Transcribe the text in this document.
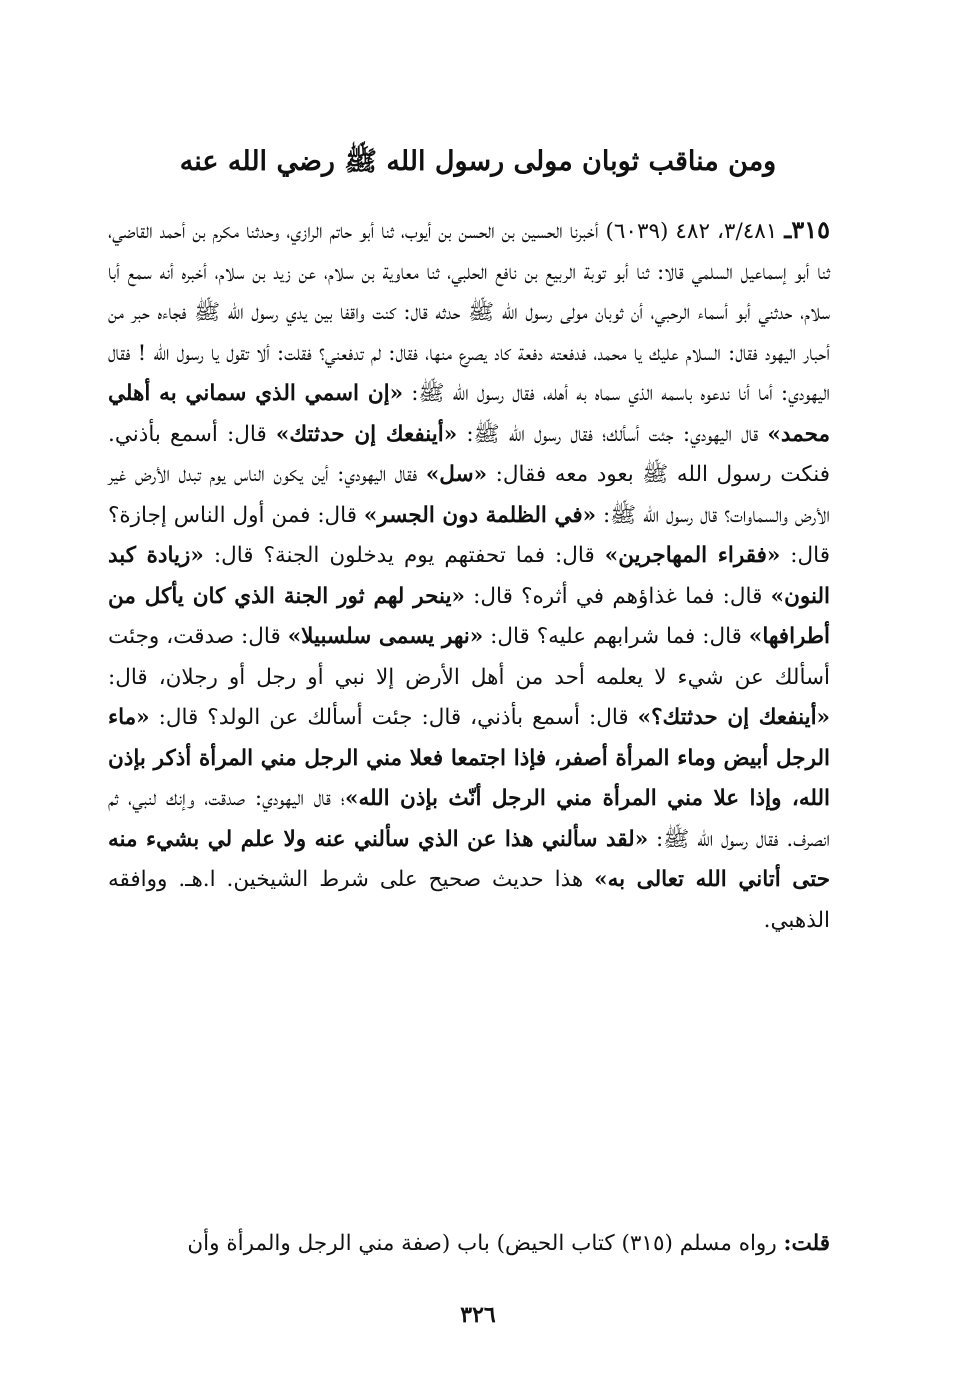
ومن مناقب ثوبان مولى رسول الله ﷺ رضي الله عنه

٣١٥ـ ٣/٤٨١، ٤٨٢ (٦٠٣٩) أخبرنا الحسين بن الحسن بن أيوب، ثنا أبو حاتم الرازي، وحدثنا مكرم بن أحمد القاضي، ثنا أبو إسماعيل السلمي قالا: ثنا أبو توبة الربيع بن نافع الحلبي، ثنا معاوية بن سلام، عن زيد بن سلام، أخبره أنه سمع أبا سلام، حدثني أبو أسماء الرحبي، أن ثوبان مولى رسول الله ﷺ حدثه قال: كنت واقفا بين يدي رسول الله ﷺ فجاءه حبر من أحبار اليهود فقال: السلام عليك يا محمد، فدفعته دفعة كاد يصرع منها، فقال: لم تدفعني؟ فقلت: ألا تقول يا رسول الله ! فقال اليهودي: أما أنا ندعوه باسمه الذي سماه به أهله، فقال رسول الله ﷺ: «إن اسمي الذي سماني به أهلي محمد» قال اليهودي: جئت أسألك؛ فقال رسول الله ﷺ: «أينفعك إن حدثتك» قال: أسمع بأذني. فنكت رسول الله ﷺ بعود معه فقال: «سل» فقال اليهودي: أين يكون الناس يوم تبدل الأرض غير الأرض والسماوات؟ قال رسول الله ﷺ: «في الظلمة دون الجسر» قال: فمن أول الناس إجازة؟ قال: «فقراء المهاجرين» قال: فما تحفتهم يوم يدخلون الجنة؟ قال: «زيادة كبد النون» قال: فما غذاؤهم في أثره؟ قال: «ينحر لهم ثور الجنة الذي كان يأكل من أطرافها» قال: فما شرابهم عليه؟ قال: «نهر يسمى سلسبيلا» قال: صدقت، وجئت أسألك عن شيء لا يعلمه أحد من أهل الأرض إلا نبي أو رجل أو رجلان، قال: «أينفعك إن حدثتك؟» قال: أسمع بأذني، قال: جئت أسألك عن الولد؟ قال: «ماء الرجل أبيض وماء المرأة أصفر، فإذا اجتمعا فعلا مني الرجل مني المرأة أذكر بإذن الله، وإذا علا مني المرأة مني الرجل أنّث بإذن الله»؛ قال اليهودي: صدقت، وإنك لنبي، ثم انصرف. فقال رسول الله ﷺ: «لقد سألني هذا عن الذي سألني عنه ولا علم لي بشيء منه حتى أتاني الله تعالى به» هذا حديث صحيح على شرط الشيخين. ا.هـ. ووافقه الذهبي.

قلت: رواه مسلم (٣١٥) كتاب الحيض) باب (صفة مني الرجل والمرأة وأن

٣٢٦
